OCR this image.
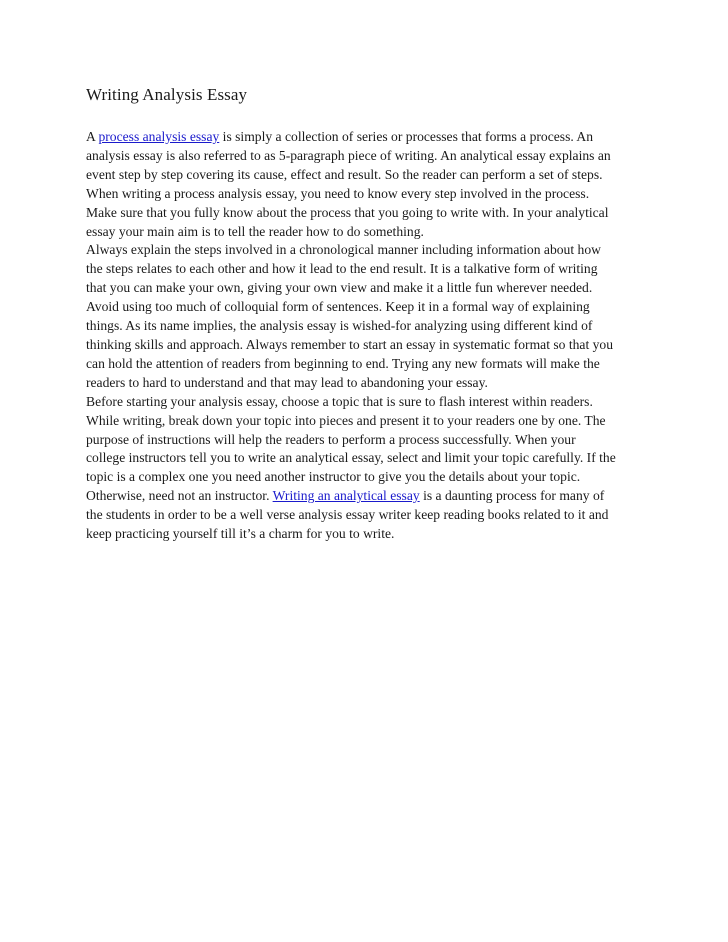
Writing Analysis Essay
A process analysis essay is simply a collection of series or processes that forms a process. An
analysis essay is also referred to as 5-paragraph piece of writing. An analytical essay explains an
event step by step covering its cause, effect and result. So the reader can perform a set of steps.
When writing a process analysis essay, you need to know every step involved in the process.
Make sure that you fully know about the process that you going to write with. In your analytical
essay your main aim is to tell the reader how to do something.
Always explain the steps involved in a chronological manner including information about how
the steps relates to each other and how it lead to the end result. It is a talkative form of writing
that you can make your own, giving your own view and make it a little fun wherever needed.
Avoid using too much of colloquial form of sentences. Keep it in a formal way of explaining
things. As its name implies, the analysis essay is wished-for analyzing using different kind of
thinking skills and approach. Always remember to start an essay in systematic format so that you
can hold the attention of readers from beginning to end. Trying any new formats will make the
readers to hard to understand and that may lead to abandoning your essay.
Before starting your analysis essay, choose a topic that is sure to flash interest within readers.
While writing, break down your topic into pieces and present it to your readers one by one. The
purpose of instructions will help the readers to perform a process successfully. When your
college instructors tell you to write an analytical essay, select and limit your topic carefully. If the
topic is a complex one you need another instructor to give you the details about your topic.
Otherwise, need not an instructor. Writing an analytical essay is a daunting process for many of
the students in order to be a well verse analysis essay writer keep reading books related to it and
keep practicing yourself till it’s a charm for you to write.
